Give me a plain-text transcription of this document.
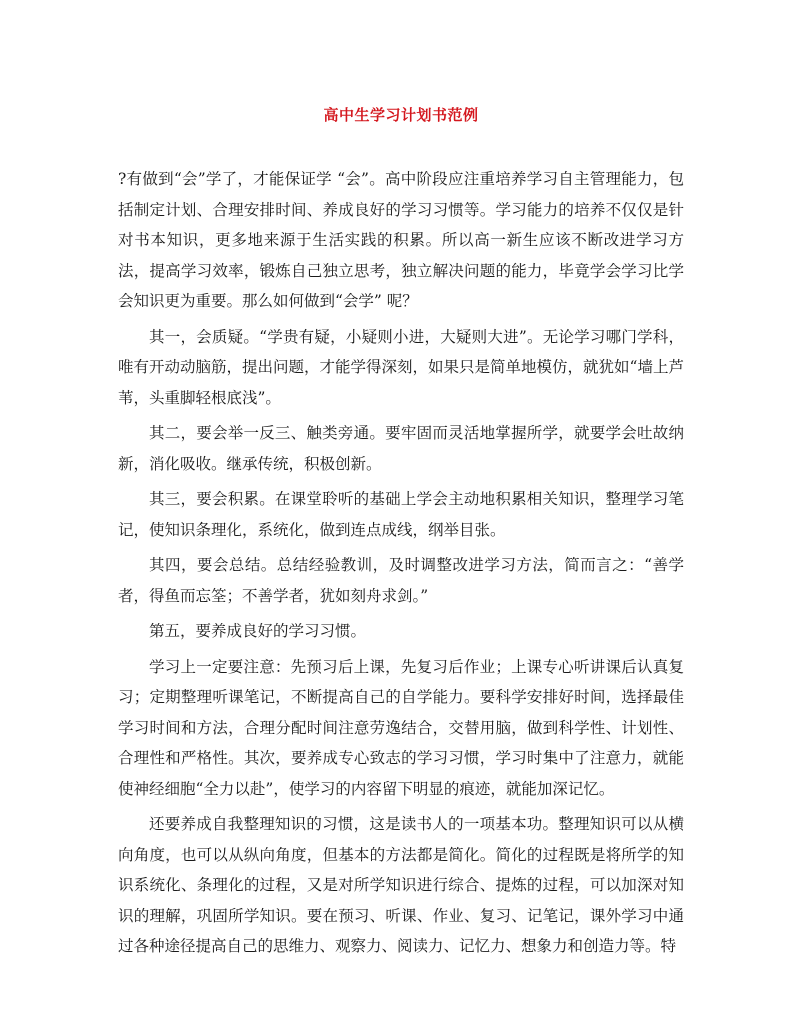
高中生学习计划书范例

?有做到“会”学了，才能保证学 “会”。高中阶段应注重培养学习自主管理能力，包括制定计划、合理安排时间、养成良好的学习习惯等。学习能力的培养不仅仅是针对书本知识，更多地来源于生活实践的积累。所以高一新生应该不断改进学习方法，提高学习效率，锻炼自己独立思考，独立解决问题的能力，毕竟学会学习比学会知识更为重要。那么如何做到“会学” 呢？

其一，会质疑。“学贵有疑，小疑则小进，大疑则大进”。无论学习哪门学科，唯有开动动脑筋，提出问题，才能学得深刻，如果只是简单地模仿，就犹如“墙上芦苇，头重脚轻根底浅”。

其二，要会举一反三、触类旁通。要牢固而灵活地掌握所学，就要学会吐故纳新，消化吸收。继承传统，积极创新。

其三，要会积累。在课堂聆听的基础上学会主动地积累相关知识，整理学习笔记，使知识条理化，系统化，做到连点成线，纲举目张。

其四，要会总结。总结经验教训，及时调整改进学习方法，简而言之：“善学者，得鱼而忘筌；不善学者，犹如刻舟求剑。”

第五，要养成良好的学习习惯。

学习上一定要注意：先预习后上课，先复习后作业；上课专心听讲课后认真复习；定期整理听课笔记，不断提高自己的自学能力。要科学安排好时间，选择最佳学习时间和方法，合理分配时间注意劳逸结合，交替用脑，做到科学性、计划性、合理性和严格性。其次，要养成专心致志的学习习惯，学习时集中了注意力，就能使神经细胞“全力以赴”，使学习的内容留下明显的痕迹，就能加深记忆。

还要养成自我整理知识的习惯，这是读书人的一项基本功。整理知识可以从横向角度，也可以从纵向角度，但基本的方法都是简化。简化的过程既是将所学的知识系统化、条理化的过程，又是对所学知识进行综合、提炼的过程，可以加深对知识的理解，巩固所学知识。要在预习、听课、作业、复习、记笔记，课外学习中通过各种途径提高自己的思维力、观察力、阅读力、记忆力、想象力和创造力等。特
